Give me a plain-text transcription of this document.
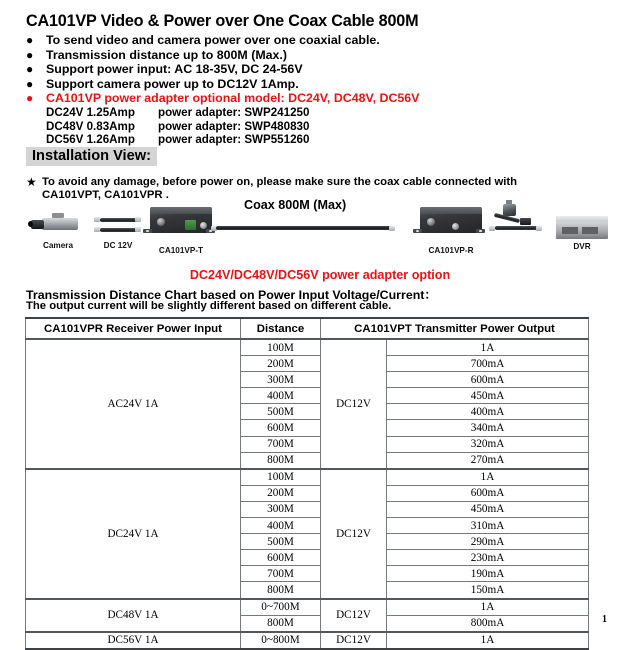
CA101VP Video & Power over One Coax Cable 800M
●	To send video and camera power over one coaxial cable.
●	Transmission distance up to 800M (Max.)
●	Support power input: AC 18-35V, DC 24-56V
●	Support camera power up to DC12V 1Amp.
●	CA101VP power adapter optional model: DC24V, DC48V, DC56V
DC24V 1.25Amp	power adapter: SWP241250
DC48V 0.83Amp	power adapter: SWP480830
DC56V 1.26Amp	power adapter: SWP551260
Installation View:
★ To avoid any damage, before power on, please make sure the coax cable connected with
CA101VPT, CA101VPR .
Camera	DC 12V
CA101VP-T
Coax 800M (Max)
CA101VP-R	DVR
DC24V/DC48V/DC56V power adapter option
Transmission Distance Chart based on Power Input Voltage/Current：
The output current will be slightly different based on different cable.
CA101VPR Receiver Power Input	Distance	CA101VPT Transmitter Power Output	
AC24V 1A	100M	DC12V	1A
	200M		700mA
	300M		600mA
	400M		450mA
	500M		400mA
	600M		340mA
	700M		320mA
	800M		270mA
DC24V 1A	100M	DC12V	1A
	200M		600mA
	300M		450mA
	400M		310mA
	500M		290mA
	600M		230mA
	700M		190mA
	800M		150mA
DC48V 1A	0~700M	DC12V	1A
	800M		800mA
DC56V 1A	0~800M	DC12V	1A
1
